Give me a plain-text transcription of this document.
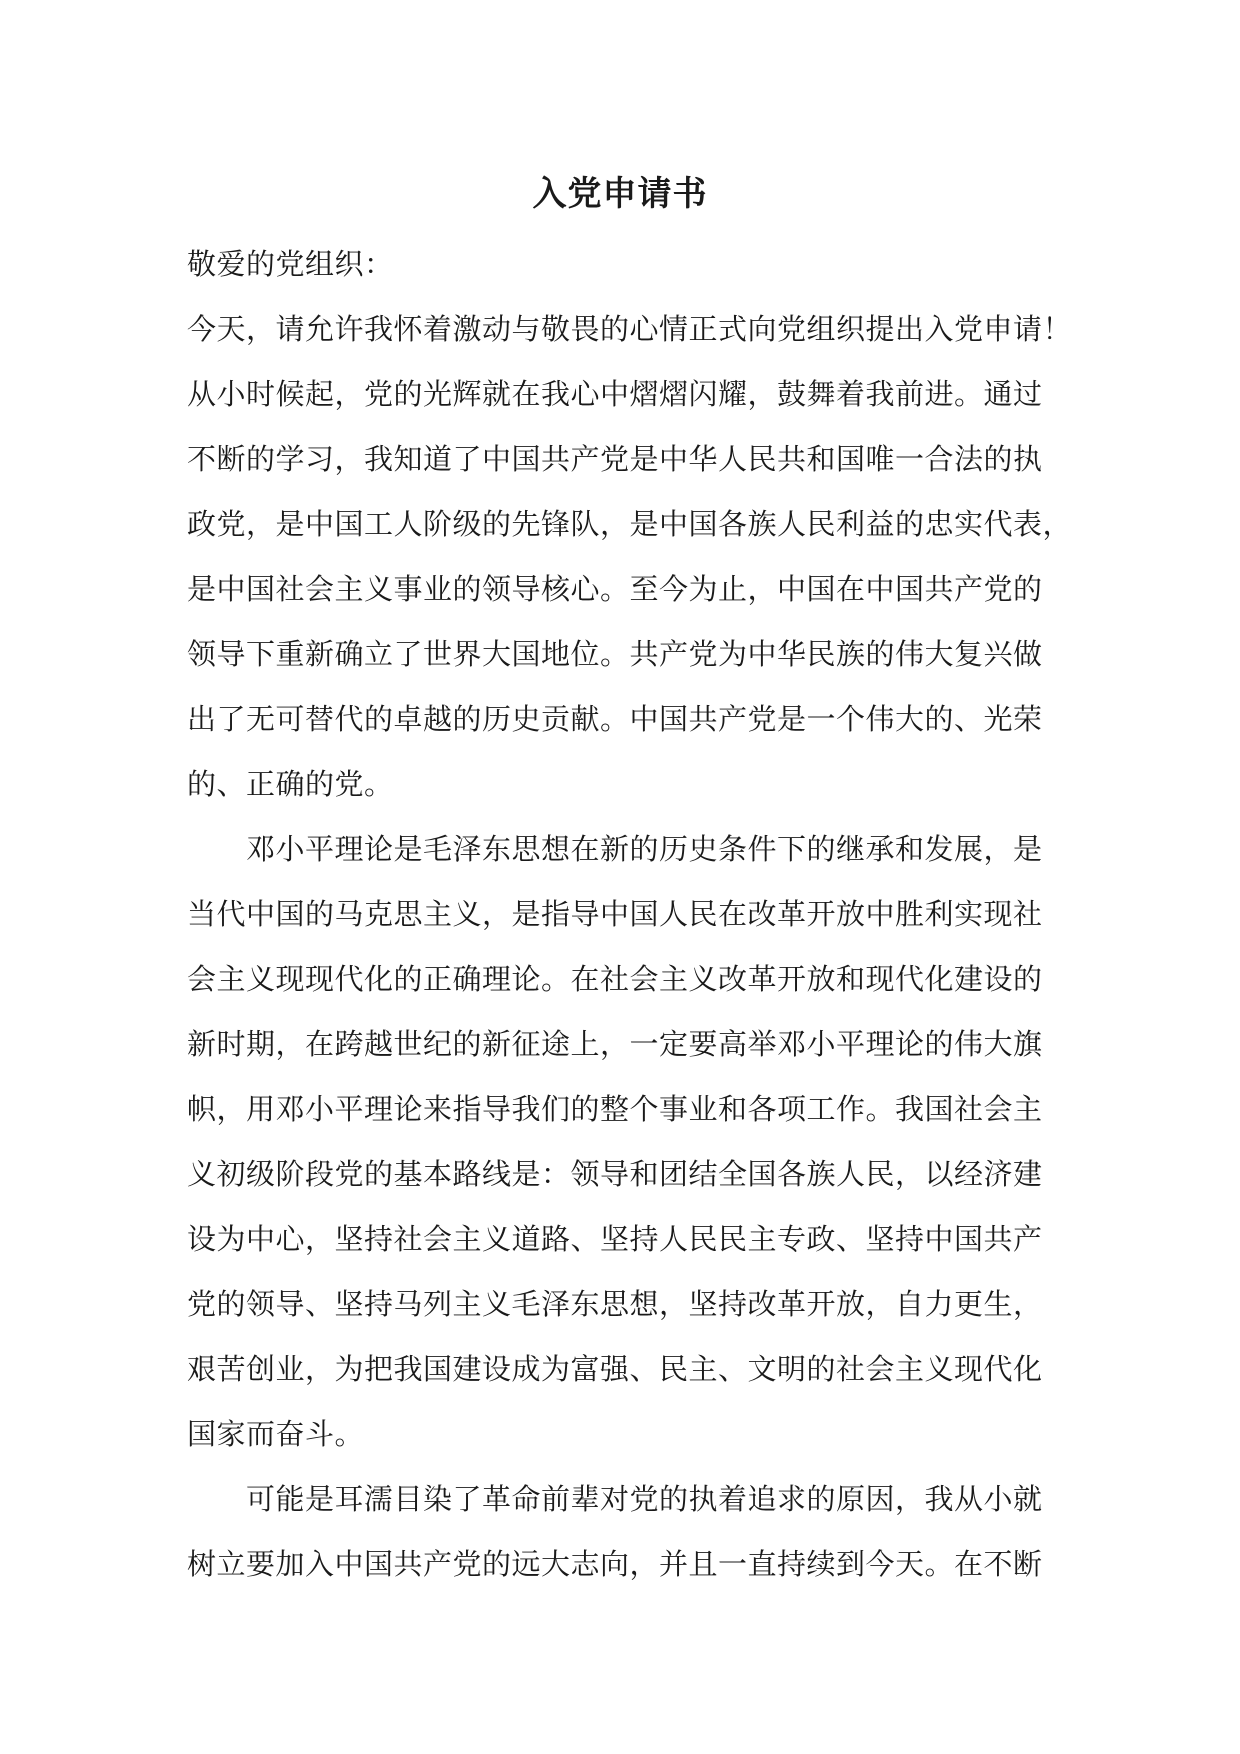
入党申请书
敬爱的党组织：
今天，请允许我怀着激动与敬畏的心情正式向党组织提出入党申请！
从小时候起，党的光辉就在我心中熠熠闪耀，鼓舞着我前进。通过
不断的学习，我知道了中国共产党是中华人民共和国唯一合法的执
政党，是中国工人阶级的先锋队，是中国各族人民利益的忠实代表，
是中国社会主义事业的领导核心。至今为止，中国在中国共产党的
领导下重新确立了世界大国地位。共产党为中华民族的伟大复兴做
出了无可替代的卓越的历史贡献。中国共产党是一个伟大的、光荣
的、正确的党。
邓小平理论是毛泽东思想在新的历史条件下的继承和发展，是
当代中国的马克思主义，是指导中国人民在改革开放中胜利实现社
会主义现现代化的正确理论。在社会主义改革开放和现代化建设的
新时期，在跨越世纪的新征途上，一定要高举邓小平理论的伟大旗
帜，用邓小平理论来指导我们的整个事业和各项工作。我国社会主
义初级阶段党的基本路线是：领导和团结全国各族人民，以经济建
设为中心，坚持社会主义道路、坚持人民民主专政、坚持中国共产
党的领导、坚持马列主义毛泽东思想，坚持改革开放，自力更生，
艰苦创业，为把我国建设成为富强、民主、文明的社会主义现代化
国家而奋斗。
可能是耳濡目染了革命前辈对党的执着追求的原因，我从小就
树立要加入中国共产党的远大志向，并且一直持续到今天。在不断
